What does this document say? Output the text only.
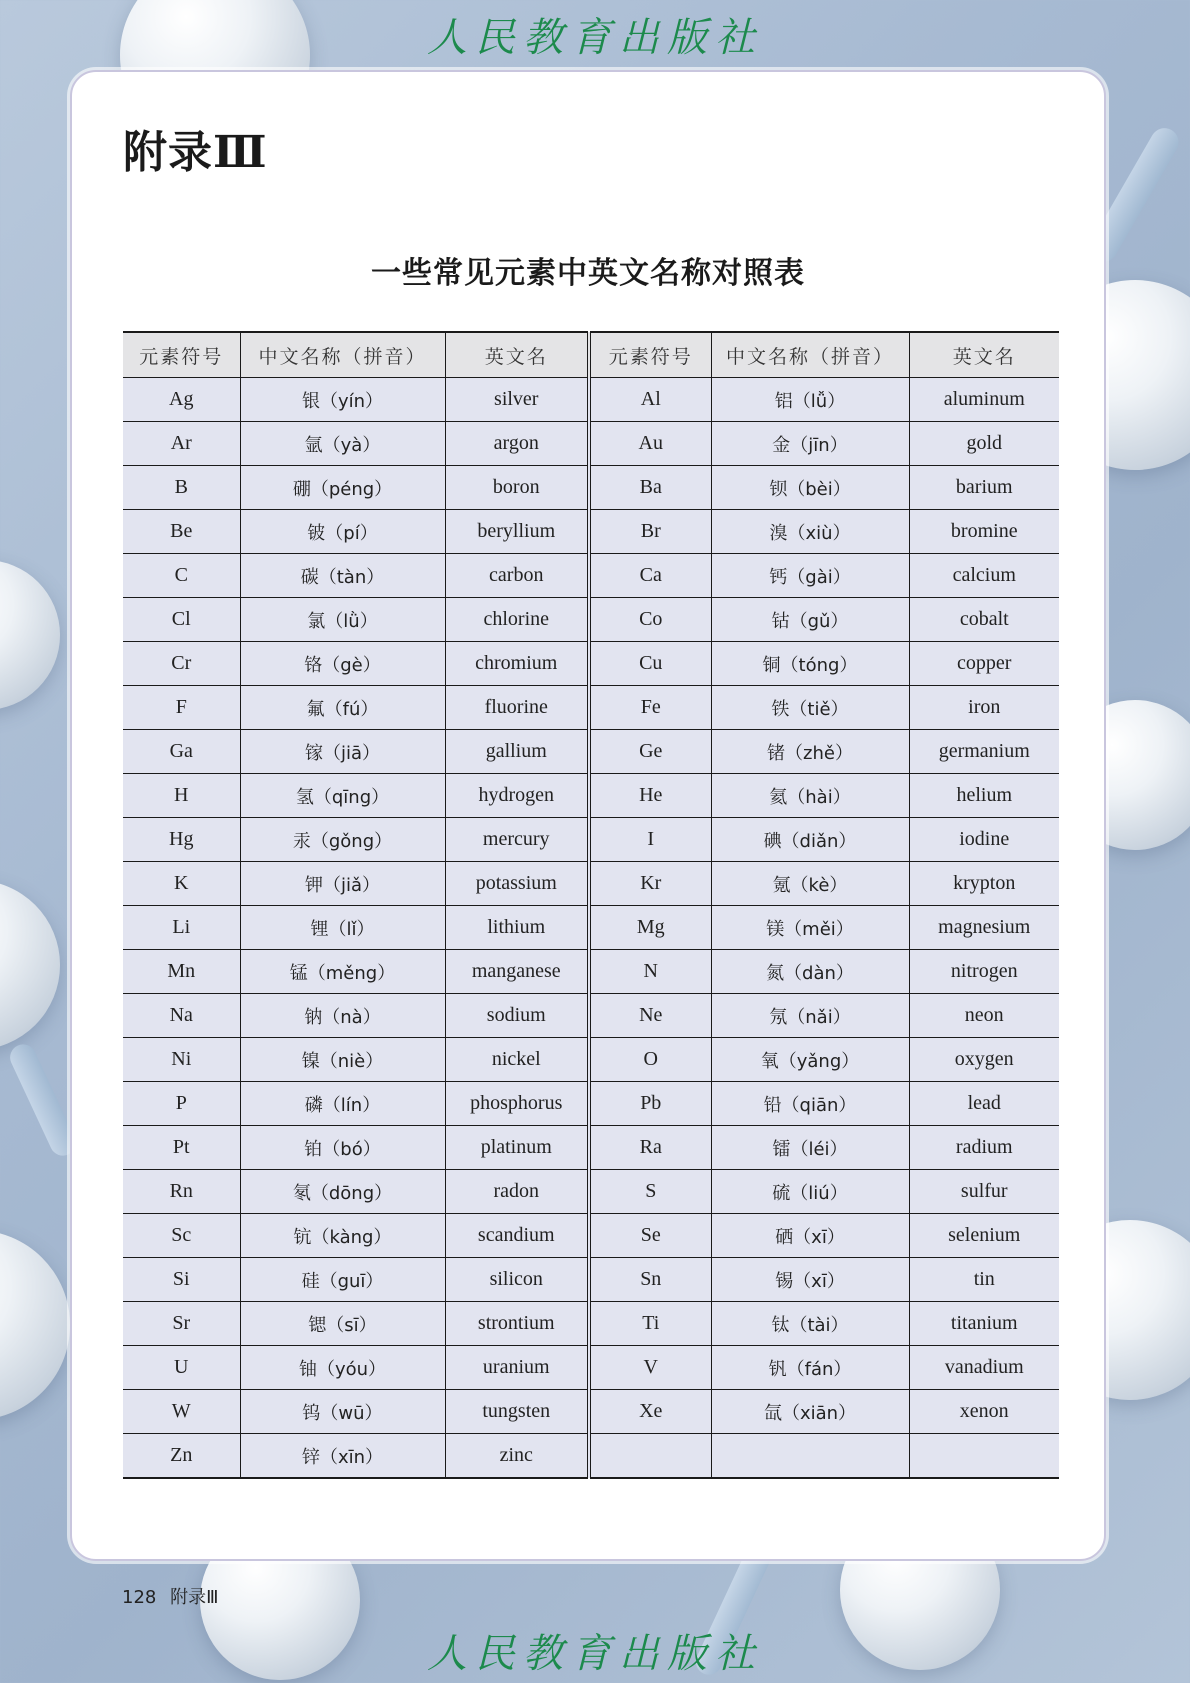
人民教育出版社
附录Ⅲ
一些常见元素中英文名称对照表
元素符号	中文名称（拼音）	英文名	元素符号	中文名称（拼音）	英文名
Ag	银（yín）	silver	Al	铝（lǚ）	aluminum
Ar	氩（yà）	argon	Au	金（jīn）	gold
B	硼（péng）	boron	Ba	钡（bèi）	barium
Be	铍（pí）	beryllium	Br	溴（xiù）	bromine
C	碳（tàn）	carbon	Ca	钙（gài）	calcium
Cl	氯（lǜ）	chlorine	Co	钴（gǔ）	cobalt
Cr	铬（gè）	chromium	Cu	铜（tóng）	copper
F	氟（fú）	fluorine	Fe	铁（tiě）	iron
Ga	镓（jiā）	gallium	Ge	锗（zhě）	germanium
H	氢（qīng）	hydrogen	He	氦（hài）	helium
Hg	汞（gǒng）	mercury	I	碘（diǎn）	iodine
K	钾（jiǎ）	potassium	Kr	氪（kè）	krypton
Li	锂（lǐ）	lithium	Mg	镁（měi）	magnesium
Mn	锰（měng）	manganese	N	氮（dàn）	nitrogen
Na	钠（nà）	sodium	Ne	氖（nǎi）	neon
Ni	镍（niè）	nickel	O	氧（yǎng）	oxygen
P	磷（lín）	phosphorus	Pb	铅（qiān）	lead
Pt	铂（bó）	platinum	Ra	镭（léi）	radium
Rn	氡（dōng）	radon	S	硫（liú）	sulfur
Sc	钪（kàng）	scandium	Se	硒（xī）	selenium
Si	硅（guī）	silicon	Sn	锡（xī）	tin
Sr	锶（sī）	strontium	Ti	钛（tài）	titanium
U	铀（yóu）	uranium	V	钒（fán）	vanadium
W	钨（wū）	tungsten	Xe	氙（xiān）	xenon
Zn	锌（xīn）	zinc			
128 附录Ⅲ
人民教育出版社
